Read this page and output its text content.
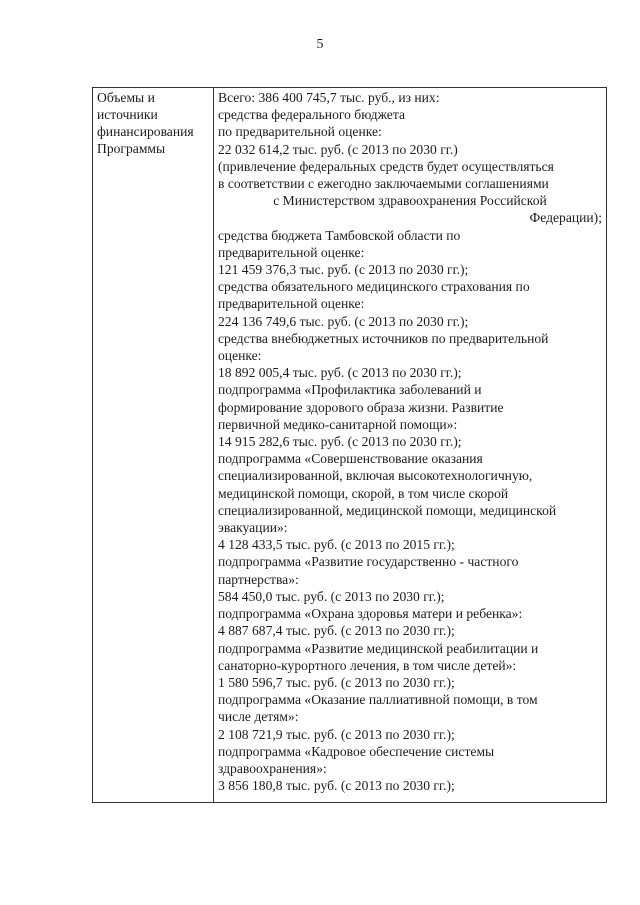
5
Объемы и
источники
финансирования
Программы
Всего: 386 400 745,7 тыс. руб., из них:
средства федерального бюджета
по предварительной оценке:
22 032 614,2 тыс. руб. (с 2013 по 2030 гг.)
(привлечение федеральных средств будет осуществляться
в соответствии с ежегодно заключаемыми соглашениями
с Министерством здравоохранения Российской
Федерации);
средства бюджета Тамбовской области по
предварительной оценке:
121 459 376,3 тыс. руб. (с 2013 по 2030 гг.);
средства обязательного медицинского страхования по
предварительной оценке:
224 136 749,6 тыс. руб. (с 2013 по 2030 гг.);
средства внебюджетных источников по предварительной
оценке:
18 892 005,4 тыс. руб. (с 2013 по 2030 гг.);
подпрограмма «Профилактика заболеваний и
формирование здорового образа жизни. Развитие
первичной медико-санитарной помощи»:
14 915 282,6 тыс. руб. (с 2013 по 2030 гг.);
подпрограмма «Совершенствование оказания
специализированной, включая высокотехнологичную,
медицинской помощи, скорой, в том числе скорой
специализированной, медицинской помощи, медицинской
эвакуации»:
4 128 433,5 тыс. руб. (с 2013 по 2015 гг.);
подпрограмма «Развитие государственно - частного
партнерства»:
584 450,0 тыс. руб. (с 2013 по 2030 гг.);
подпрограмма «Охрана здоровья матери и ребенка»:
4 887 687,4 тыс. руб. (с 2013 по 2030 гг.);
подпрограмма «Развитие медицинской реабилитации и
санаторно-курортного лечения, в том числе детей»:
1 580 596,7 тыс. руб. (с 2013 по 2030 гг.);
подпрограмма «Оказание паллиативной помощи, в том
числе детям»:
2 108 721,9 тыс. руб. (с 2013 по 2030 гг.);
подпрограмма «Кадровое обеспечение системы
здравоохранения»:
3 856 180,8 тыс. руб. (с 2013 по 2030 гг.);
